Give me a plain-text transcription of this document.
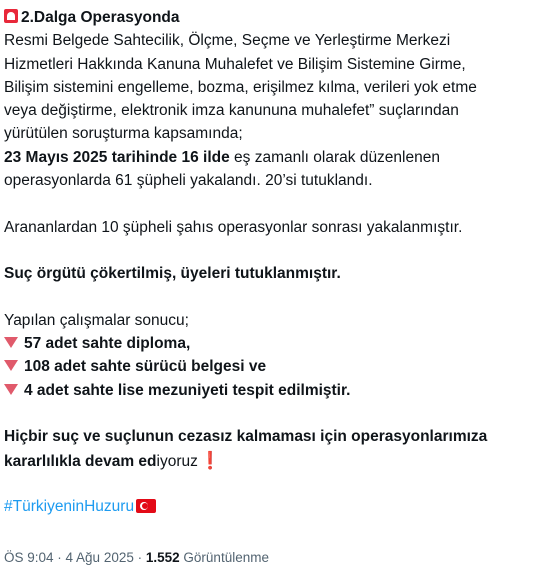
2.Dalga Operasyonda
Resmi Belgede Sahtecilik, Ölçme, Seçme ve Yerleştirme Merkezi
Hizmetleri Hakkında Kanuna Muhalefet ve Bilişim Sistemine Girme,
Bilişim sistemini engelleme, bozma, erişilmez kılma, verileri yok etme
veya değiştirme, elektronik imza kanununa muhalefet” suçlarından
yürütülen soruşturma kapsamında;
23 Mayıs 2025 tarihinde 16 ilde eş zamanlı olarak düzenlenen
operasyonlarda 61 şüpheli yakalandı. 20’si tutuklandı.
Arananlardan 10 şüpheli şahıs operasyonlar sonrası yakalanmıştır.
Suç örgütü çökertilmiş, üyeleri tutuklanmıştır.
Yapılan çalışmalar sonucu;
57 adet sahte diploma,
108 adet sahte sürücü belgesi ve
4 adet sahte lise mezuniyeti tespit edilmiştir.
Hiçbir suç ve suçlunun cezasız kalmaması için operasyonlarımıza
kararlılıkla devam ediyoruz ❗
#TürkiyeninHuzuru
ÖS 9:04 · 4 Ağu 2025 · 1.552 Görüntülenme
